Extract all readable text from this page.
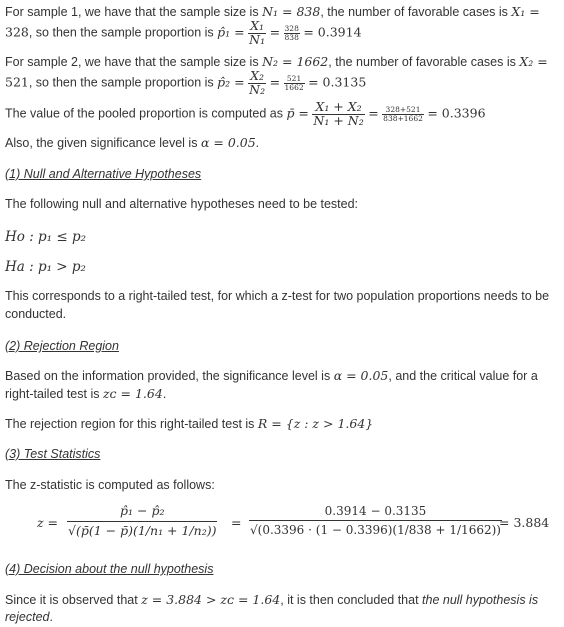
For sample 1, we have that the sample size is N₁ = 838, the number of favorable cases is X₁ =
328, so then the sample proportion is p̂₁ = $\frac{\text{X₁}}{\text{N₁}} = \frac{328}{838} = 0.3914$
For sample 2, we have that the sample size is N₂ = 1662, the number of favorable cases is X₂ =
521, so then the sample proportion is p̂₂ = $\frac{\text{X₂}}{\text{N₂}} = \frac{521}{1662} = 0.3135$
The value of the pooled proportion is computed as p̄ = $\frac{\text{X₁ + X₂}}{\text{N₁ + N₂}} = \frac{328+521}{838+1662} = 0.3396$
Also, the given significance level is α = 0.05.
(1) Null and Alternative Hypotheses
The following null and alternative hypotheses need to be tested:
Ho : p₁ ≤ p₂
Ha : p₁ > p₂
This corresponds to a right-tailed test, for which a z-test for two population proportions needs to be
conducted.
(2) Rejection Region
Based on the information provided, the significance level is α = 0.05, and the critical value for a
right-tailed test is zᴄ = 1.64.
The rejection region for this right-tailed test is R = {z : z > 1.64}
(3) Test Statistics
The z-statistic is computed as follows:
$z = \frac{\text{p̂₁ − p̂₂}}{\text{√(p̄(1 − p̄)(1/n₁ + 1/n₂))}} = \frac{0.3914 - 0.3135}{√(0.3396 \cdot (1 - 0.3396)(1/838 + 1/1662))}$
= 3.884
(4) Decision about the null hypothesis
Since it is observed that z = 3.884 > zᴄ = 1.64, it is then concluded that the null hypothesis is
rejected.
